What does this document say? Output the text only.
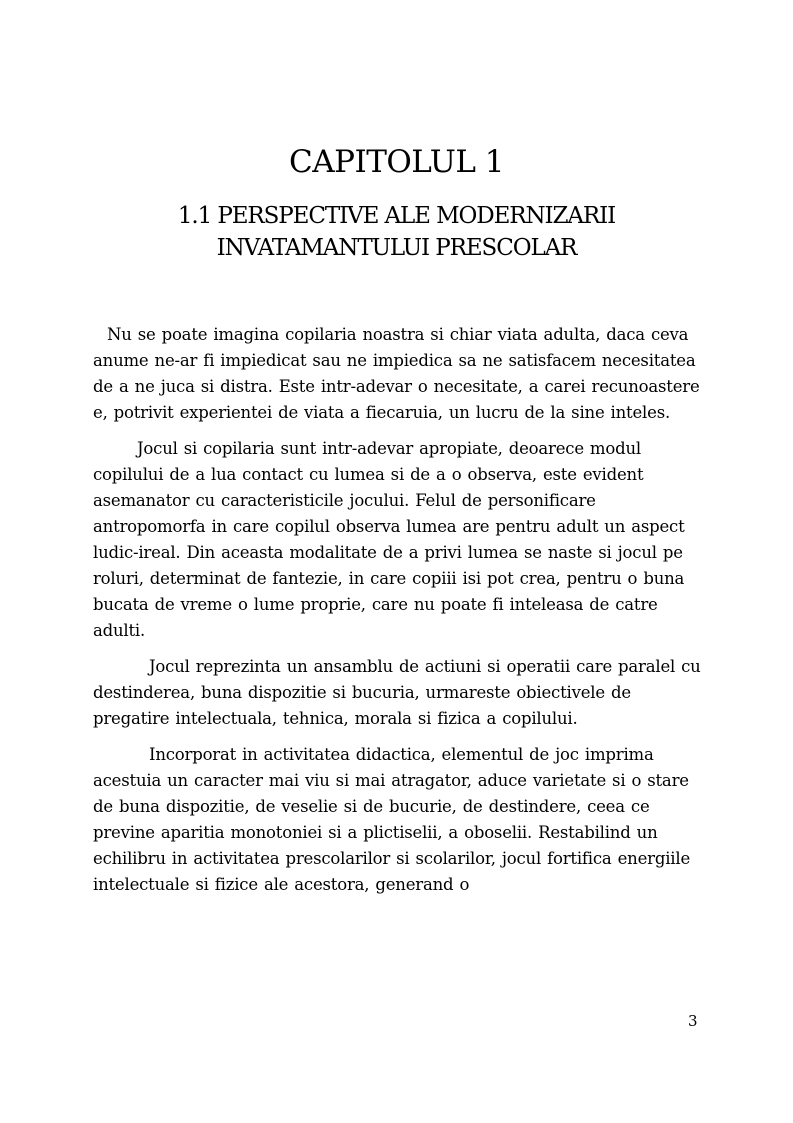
CAPITOLUL 1
1.1 PERSPECTIVE ALE MODERNIZARII INVATAMANTULUI PRESCOLAR

Nu se poate imagina copilaria noastra si chiar viata adulta, daca ceva anume ne-ar fi impiedicat sau ne impiedica sa ne satisfacem necesitatea de a ne juca si distra. Este intr-adevar o necesitate, a carei recunoastere e, potrivit experientei de viata a fiecaruia, un lucru de la sine inteles.

Jocul si copilaria sunt intr-adevar apropiate, deoarece modul copilului de a lua contact cu lumea si de a o observa, este evident asemanator cu caracteristicile jocului. Felul de personificare antropomorfa in care copilul observa lumea are pentru adult un aspect ludic-ireal. Din aceasta modalitate de a privi lumea se naste si jocul pe roluri, determinat de fantezie, in care copiii isi pot crea, pentru o buna bucata de vreme o lume proprie, care nu poate fi inteleasa de catre adulti.

Jocul reprezinta un ansamblu de actiuni si operatii care paralel cu destinderea, buna dispozitie si bucuria, urmareste obiectivele de pregatire intelectuala, tehnica, morala si fizica a copilului.

Incorporat in activitatea didactica, elementul de joc imprima acestuia un caracter mai viu si mai atragator, aduce varietate si o stare de buna dispozitie, de veselie si de bucurie, de destindere, ceea ce previne aparitia monotoniei si a plictiselii, a oboselii. Restabilind un echilibru in activitatea prescolarilor si scolarilor, jocul fortifica energiile intelectuale si fizice ale acestora, generand o

3
